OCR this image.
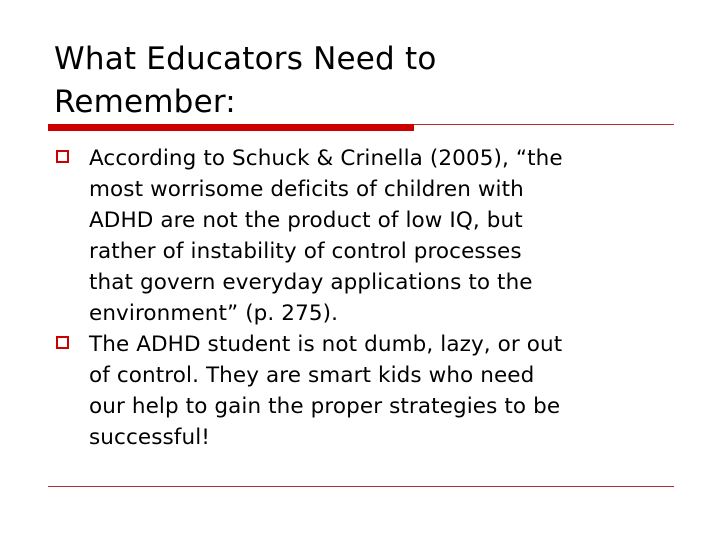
What Educators Need to
Remember:
According to Schuck & Crinella (2005), “the
most worrisome deficits of children with
ADHD are not the product of low IQ, but
rather of instability of control processes
that govern everyday applications to the
environment” (p. 275).
The ADHD student is not dumb, lazy, or out
of control. They are smart kids who need
our help to gain the proper strategies to be
successful!
